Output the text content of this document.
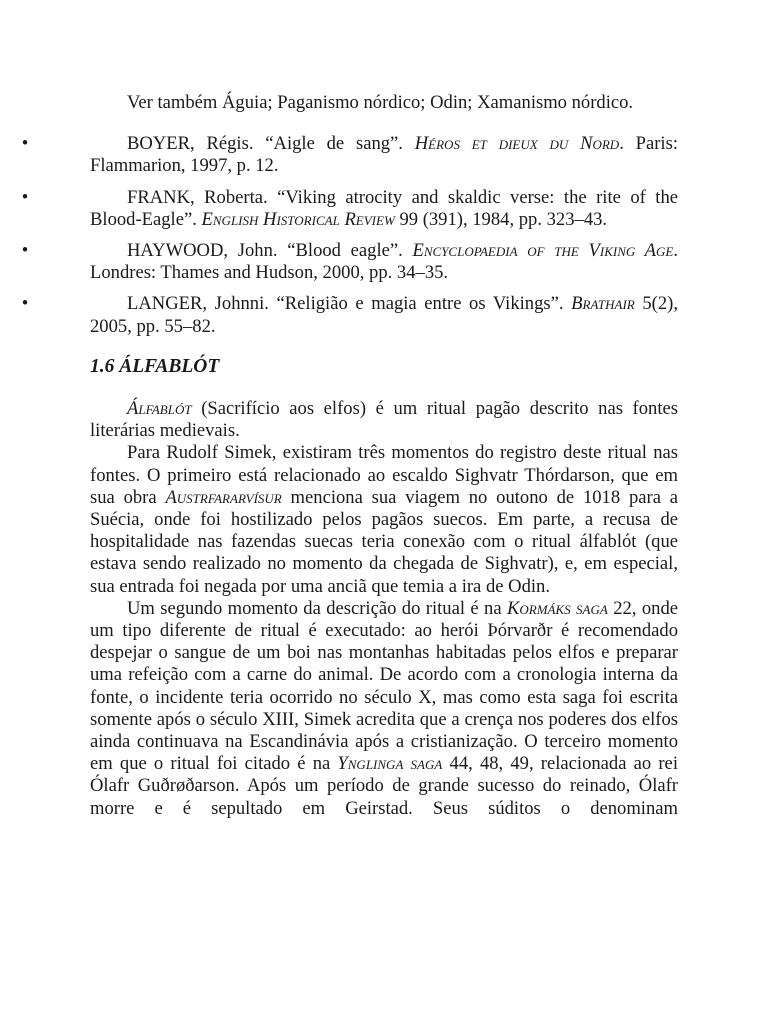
Ver também Águia; Paganismo nórdico; Odin; Xamanismo nórdico.

•	BOYER, Régis. “Aigle de sang”. Héros et dieux du Nord. Paris: Flammarion, 1997, p. 12.

•	FRANK, Roberta. “Viking atrocity and skaldic verse: the rite of the Blood-Eagle”. English Historical Review 99 (391), 1984, pp. 323–43.

•	HAYWOOD, John. “Blood eagle”. Encyclopaedia of the Viking Age. Londres: Thames and Hudson, 2000, pp. 34–35.

•	LANGER, Johnni. “Religião e magia entre os Vikings”. Brathair 5(2), 2005, pp. 55–82.

1.6 ÁLFABLÓT

Álfablót (Sacrifício aos elfos) é um ritual pagão descrito nas fontes literárias medievais.

Para Rudolf Simek, existiram três momentos do registro deste ritual nas fontes. O primeiro está relacionado ao escaldo Sighvatr Thórdarson, que em sua obra Austrfararvísur menciona sua viagem no outono de 1018 para a Suécia, onde foi hostilizado pelos pagãos suecos. Em parte, a recusa de hospitalidade nas fazendas suecas teria conexão com o ritual álfablót (que estava sendo realizado no momento da chegada de Sighvatr), e, em especial, sua entrada foi negada por uma anciã que temia a ira de Odin.

Um segundo momento da descrição do ritual é na Kormáks saga 22, onde um tipo diferente de ritual é executado: ao herói Þórvarðr é recomendado despejar o sangue de um boi nas montanhas habitadas pelos elfos e preparar uma refeição com a carne do animal. De acordo com a cronologia interna da fonte, o incidente teria ocorrido no século X, mas como esta saga foi escrita somente após o século XIII, Simek acredita que a crença nos poderes dos elfos ainda continuava na Escandinávia após a cristianização. O terceiro momento em que o ritual foi citado é na Ynglinga saga 44, 48, 49, relacionada ao rei Ólafr Guðrøðarson. Após um período de grande sucesso do reinado, Ólafr morre e é sepultado em Geirstad. Seus súditos o denominam
